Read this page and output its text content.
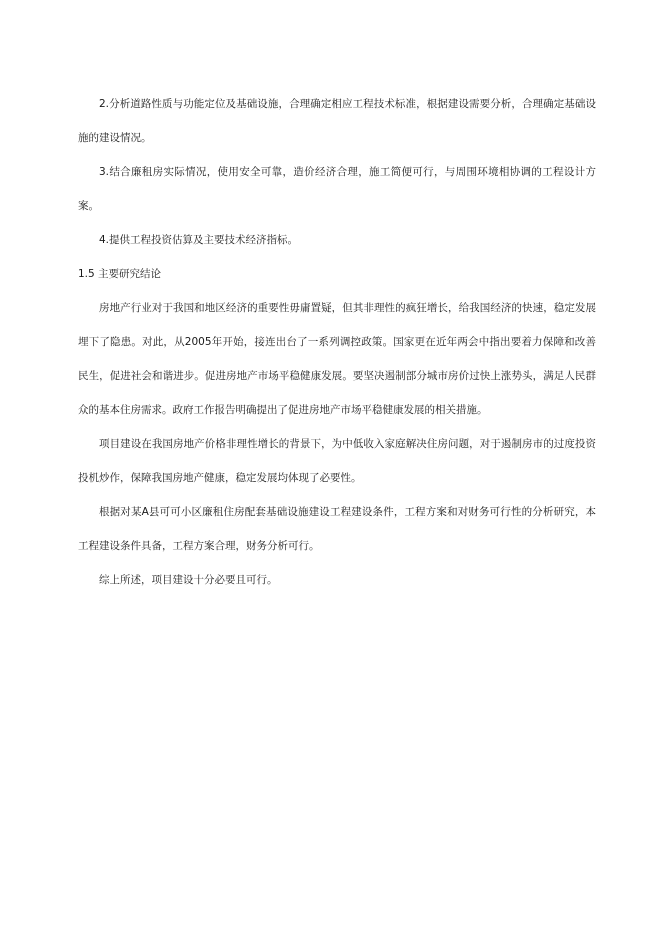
2.分析道路性质与功能定位及基础设施，合理确定相应工程技术标准，根据建设需要分析，合理确定基础设施的建设情况。

3.结合廉租房实际情况，使用安全可靠，造价经济合理，施工简便可行，与周围环境相协调的工程设计方案。

4.提供工程投资估算及主要技术经济指标。

1.5 主要研究结论

房地产行业对于我国和地区经济的重要性毋庸置疑，但其非理性的疯狂增长，给我国经济的快速，稳定发展埋下了隐患。对此，从2005年开始，接连出台了一系列调控政策。国家更在近年两会中指出要着力保障和改善民生，促进社会和谐进步。促进房地产市场平稳健康发展。要坚决遏制部分城市房价过快上涨势头，满足人民群众的基本住房需求。政府工作报告明确提出了促进房地产市场平稳健康发展的相关措施。

项目建设在我国房地产价格非理性增长的背景下，为中低收入家庭解决住房问题，对于遏制房市的过度投资投机炒作，保障我国房地产健康，稳定发展均体现了必要性。

根据对某A县可可小区廉租住房配套基础设施建设工程建设条件，工程方案和对财务可行性的分析研究，本工程建设条件具备，工程方案合理，财务分析可行。

综上所述，项目建设十分必要且可行。
